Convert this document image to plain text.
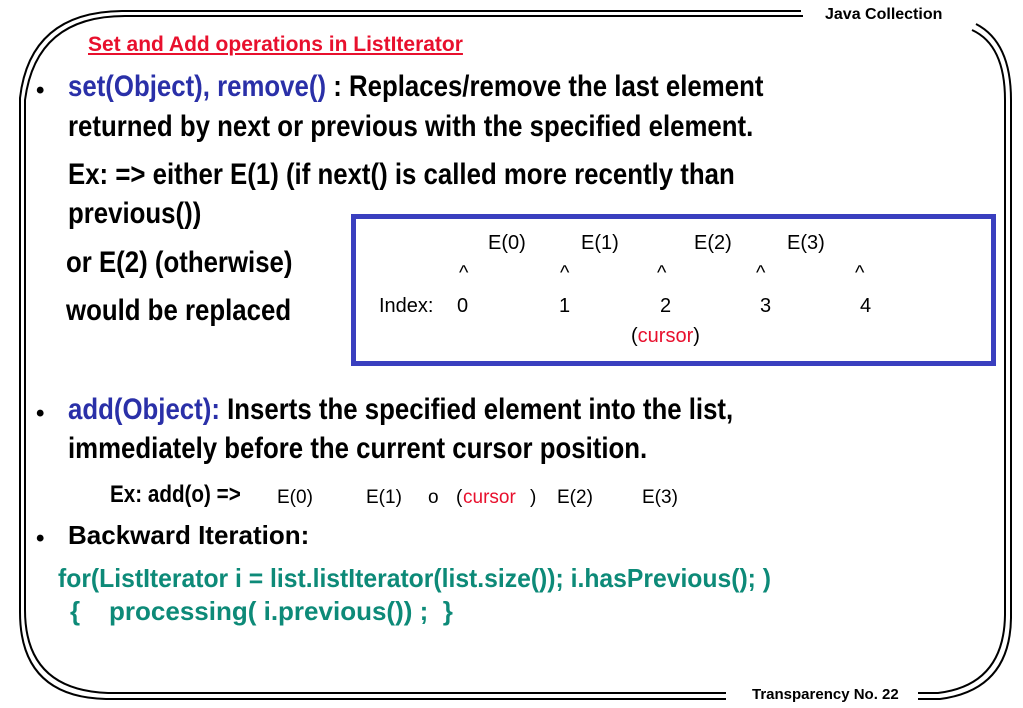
Java Collection
Transparency No. 22
Set and Add operations in ListIterator
• set(Object), remove() : Replaces/remove the last element
returned by next or previous with the specified element.
Ex: => either E(1) (if next() is called more recently than
previous())
or E(2) (otherwise)
would be replaced
E(0)	E(1)	E(2)	E(3)
^	^	^	^	^
Index: 0	1	2	3	4
(cursor)
• add(Object): Inserts the specified element into the list,
immediately before the current cursor position.
Ex: add(o) => E(0)	E(1) o ( cursor ) E(2)	E(3)
• Backward Iteration:
for(ListIterator i = list.listIterator(list.size()); i.hasPrevious(); )
{    processing( i.previous()) ;  }
